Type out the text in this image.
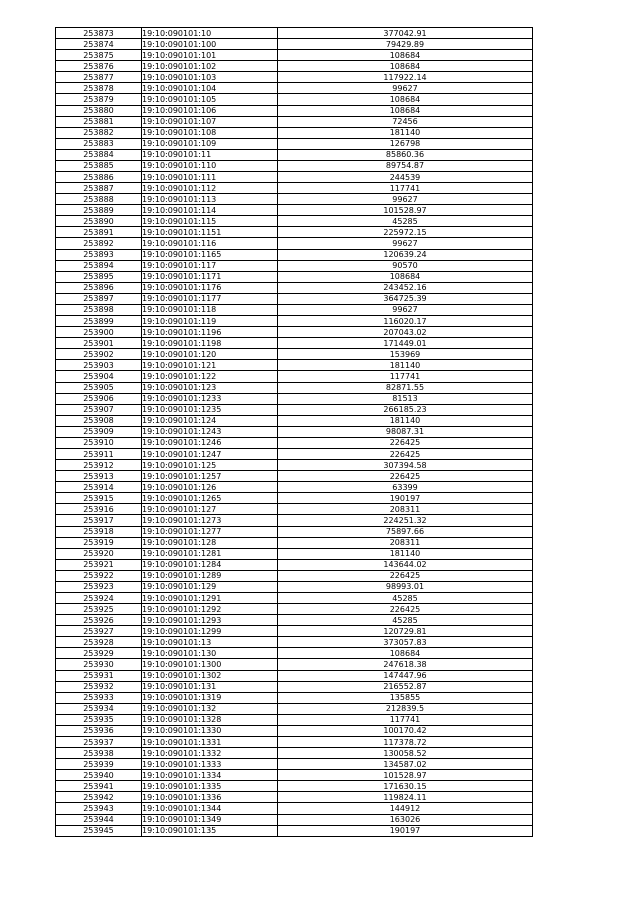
253873	19:10:090101:10	377042.91
253874	19:10:090101:100	79429.89
253875	19:10:090101:101	108684
253876	19:10:090101:102	108684
253877	19:10:090101:103	117922.14
253878	19:10:090101:104	99627
253879	19:10:090101:105	108684
253880	19:10:090101:106	108684
253881	19:10:090101:107	72456
253882	19:10:090101:108	181140
253883	19:10:090101:109	126798
253884	19:10:090101:11	85860.36
253885	19:10:090101:110	89754.87
253886	19:10:090101:111	244539
253887	19:10:090101:112	117741
253888	19:10:090101:113	99627
253889	19:10:090101:114	101528.97
253890	19:10:090101:115	45285
253891	19:10:090101:1151	225972.15
253892	19:10:090101:116	99627
253893	19:10:090101:1165	120639.24
253894	19:10:090101:117	90570
253895	19:10:090101:1171	108684
253896	19:10:090101:1176	243452.16
253897	19:10:090101:1177	364725.39
253898	19:10:090101:118	99627
253899	19:10:090101:119	116020.17
253900	19:10:090101:1196	207043.02
253901	19:10:090101:1198	171449.01
253902	19:10:090101:120	153969
253903	19:10:090101:121	181140
253904	19:10:090101:122	117741
253905	19:10:090101:123	82871.55
253906	19:10:090101:1233	81513
253907	19:10:090101:1235	266185.23
253908	19:10:090101:124	181140
253909	19:10:090101:1243	98087.31
253910	19:10:090101:1246	226425
253911	19:10:090101:1247	226425
253912	19:10:090101:125	307394.58
253913	19:10:090101:1257	226425
253914	19:10:090101:126	63399
253915	19:10:090101:1265	190197
253916	19:10:090101:127	208311
253917	19:10:090101:1273	224251.32
253918	19:10:090101:1277	75897.66
253919	19:10:090101:128	208311
253920	19:10:090101:1281	181140
253921	19:10:090101:1284	143644.02
253922	19:10:090101:1289	226425
253923	19:10:090101:129	98993.01
253924	19:10:090101:1291	45285
253925	19:10:090101:1292	226425
253926	19:10:090101:1293	45285
253927	19:10:090101:1299	120729.81
253928	19:10:090101:13	373057.83
253929	19:10:090101:130	108684
253930	19:10:090101:1300	247618.38
253931	19:10:090101:1302	147447.96
253932	19:10:090101:131	216552.87
253933	19:10:090101:1319	135855
253934	19:10:090101:132	212839.5
253935	19:10:090101:1328	117741
253936	19:10:090101:1330	100170.42
253937	19:10:090101:1331	117378.72
253938	19:10:090101:1332	130058.52
253939	19:10:090101:1333	134587.02
253940	19:10:090101:1334	101528.97
253941	19:10:090101:1335	171630.15
253942	19:10:090101:1336	119824.11
253943	19:10:090101:1344	144912
253944	19:10:090101:1349	163026
253945	19:10:090101:135	190197
